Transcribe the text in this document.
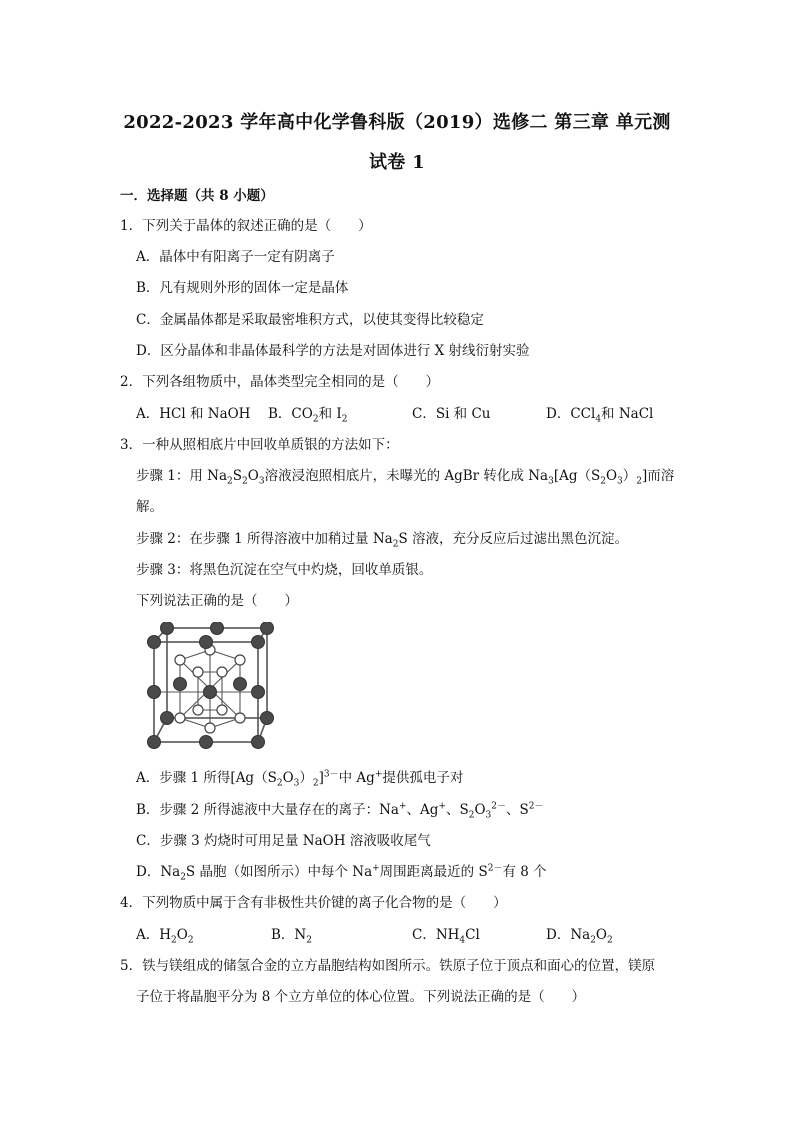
2022-2023 学年高中化学鲁科版（2019）选修二 第三章 单元测
试卷 1
一．选择题（共 8 小题）
1．下列关于晶体的叙述正确的是（　　）
A．晶体中有阳离子一定有阴离子
B．凡有规则外形的固体一定是晶体
C．金属晶体都是采取最密堆积方式，以使其变得比较稳定
D．区分晶体和非晶体最科学的方法是对固体进行 X 射线衍射实验
2．下列各组物质中，晶体类型完全相同的是（　　）
A．HCl 和 NaOH B．$CO_2$和 $I_2$	C．Si 和 Cu	D．CCl$_4$和 NaCl
3．一种从照相底片中回收单质银的方法如下：
步骤 1：用 $Na_2S_2O_3$溶液浸泡照相底片，未曝光的 AgBr 转化成 $Na_3[Ag(S_2O_3)_2]$而溶
解。
步骤 2：在步骤 1 所得溶液中加稍过量 $Na_2S$ 溶液，充分反应后过滤出黑色沉淀。
步骤 3：将黑色沉淀在空气中灼烧，回收单质银。
下列说法正确的是（　　）
A．步骤 1 所得$[Ag(S_2O_3)_2]^{3-}$中 Ag+提供孤电子对
B．步骤 2 所得滤液中大量存在的离子：Na+、Ag+、$S_2O_3^{2-}$、$S^{2-}$
C．步骤 3 灼烧时可用足量 NaOH 溶液吸收尾气
D．$Na_2S$ 晶胞（如图所示）中每个 Na+周围距离最近的 $S^{2-}$有 8 个
4．下列物质中属于含有非极性共价键的离子化合物的是（　　）
A．$H_2O_2$	B．$N_2$	C．$NH_4Cl$	D．$Na_2O_2$
5．铁与镁组成的储氢合金的立方晶胞结构如图所示。铁原子位于顶点和面心的位置，镁原
子位于将晶胞平分为 8 个立方单位的体心位置。下列说法正确的是（　　）
